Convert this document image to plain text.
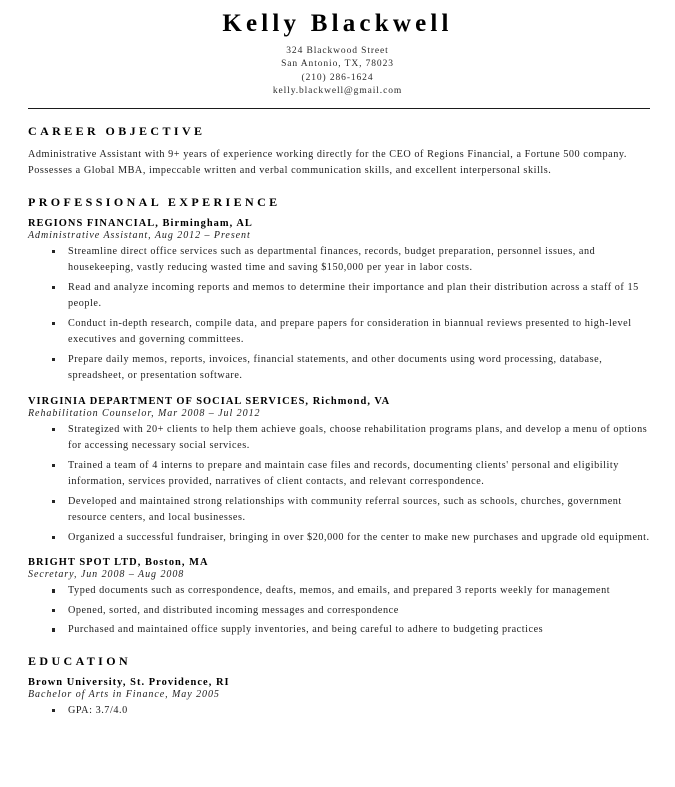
Kelly Blackwell
324 Blackwood Street
San Antonio, TX, 78023
(210) 286-1624
kelly.blackwell@gmail.com
CAREER OBJECTIVE

Administrative Assistant with 9+ years of experience working directly for the CEO of Regions Financial, a Fortune 500 company. Possesses a Global MBA, impeccable written and verbal communication skills, and excellent interpersonal skills.

PROFESSIONAL EXPERIENCE
REGIONS FINANCIAL, Birmingham, AL
Administrative Assistant, Aug 2012 – Present
Streamline direct office services such as departmental finances, records, budget preparation, personnel issues, and housekeeping, vastly reducing wasted time and saving $150,000 per year in labor costs.
Read and analyze incoming reports and memos to determine their importance and plan their distribution across a staff of 15 people.
Conduct in-depth research, compile data, and prepare papers for consideration in biannual reviews presented to high-level executives and governing committees.
Prepare daily memos, reports, invoices, financial statements, and other documents using word processing, database, spreadsheet, or presentation software.
VIRGINIA DEPARTMENT OF SOCIAL SERVICES, Richmond, VA
Rehabilitation Counselor, Mar 2008 – Jul 2012
Strategized with 20+ clients to help them achieve goals, choose rehabilitation programs plans, and develop a menu of options for accessing necessary social services.
Trained a team of 4 interns to prepare and maintain case files and records, documenting clients' personal and eligibility information, services provided, narratives of client contacts, and relevant correspondence.
Developed and maintained strong relationships with community referral sources, such as schools, churches, government resource centers, and local businesses.
Organized a successful fundraiser, bringing in over $20,000 for the center to make new purchases and upgrade old equipment.
BRIGHT SPOT LTD, Boston, MA
Secretary, Jun 2008 – Aug 2008
Typed documents such as correspondence, deafts, memos, and emails, and prepared 3 reports weekly for management
Opened, sorted, and distributed incoming messages and correspondence
Purchased and maintained office supply inventories, and being careful to adhere to budgeting practices
EDUCATION
Brown University, St. Providence, RI
Bachelor of Arts in Finance, May 2005
GPA: 3.7/4.0
